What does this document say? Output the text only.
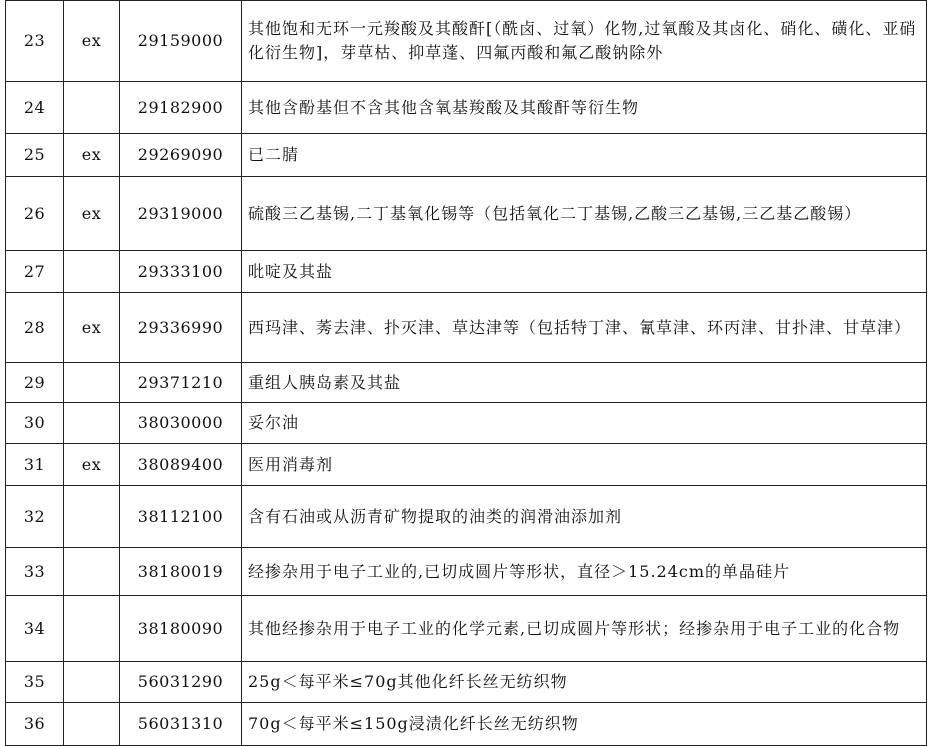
23	ex	29159000	其他饱和无环一元羧酸及其酸酐[（酰卤、过氧）化物,过氧酸及其卤化、硝化、磺化、亚硝化衍生物]，芽草枯、抑草蓬、四氟丙酸和氟乙酸钠除外
24		29182900	其他含酚基但不含其他含氧基羧酸及其酸酐等衍生物
25	ex	29269090	已二腈
26	ex	29319000	硫酸三乙基锡,二丁基氧化锡等（包括氧化二丁基锡,乙酸三乙基锡,三乙基乙酸锡）
27		29333100	吡啶及其盐
28	ex	29336990	西玛津、莠去津、扑灭津、草达津等（包括特丁津、氰草津、环丙津、甘扑津、甘草津）
29		29371210	重组人胰岛素及其盐
30		38030000	妥尔油
31	ex	38089400	医用消毒剂
32		38112100	含有石油或从沥青矿物提取的油类的润滑油添加剂
33		38180019	经掺杂用于电子工业的,已切成圆片等形状，直径＞15.24cm的单晶硅片
34		38180090	其他经掺杂用于电子工业的化学元素,已切成圆片等形状；经掺杂用于电子工业的化合物
35		56031290	25g＜每平米≤70g其他化纤长丝无纺织物
36		56031310	70g＜每平米≤150g浸渍化纤长丝无纺织物
